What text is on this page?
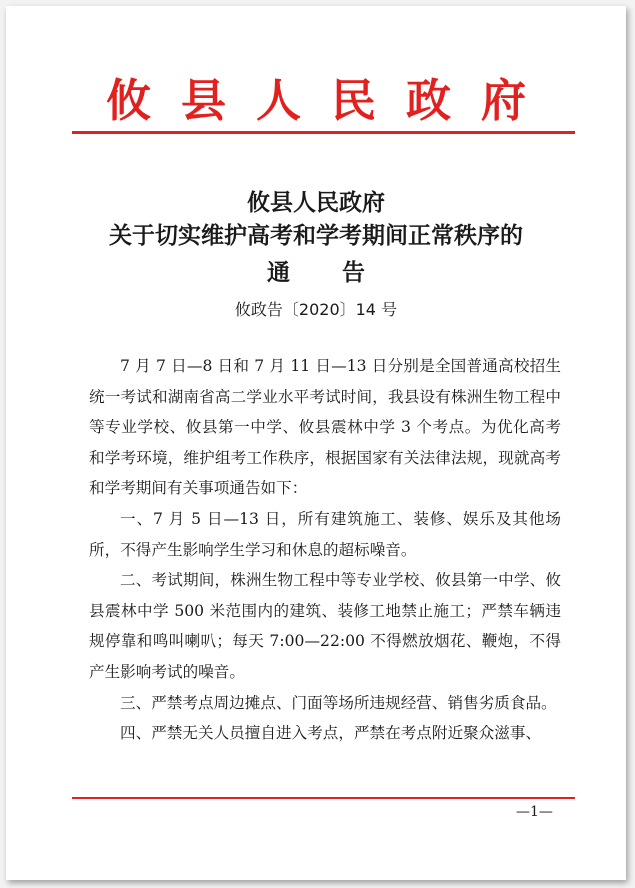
攸县人民政府
攸县人民政府
关于切实维护高考和学考期间正常秩序的
通 告
攸政告〔2020〕14 号

7 月 7 日—8 日和 7 月 11 日—13 日分别是全国普通高校招生统一考试和湖南省高二学业水平考试时间，我县设有株洲生物工程中等专业学校、攸县第一中学、攸县震林中学 3 个考点。为优化高考和学考环境，维护组考工作秩序，根据国家有关法律法规，现就高考和学考期间有关事项通告如下：

一、7 月 5 日—13 日，所有建筑施工、装修、娱乐及其他场所，不得产生影响学生学习和休息的超标噪音。

二、考试期间，株洲生物工程中等专业学校、攸县第一中学、攸县震林中学 500 米范围内的建筑、装修工地禁止施工；严禁车辆违规停靠和鸣叫喇叭；每天 7:00—22:00 不得燃放烟花、鞭炮，不得产生影响考试的噪音。

三、严禁考点周边摊点、门面等场所违规经营、销售劣质食品。

四、严禁无关人员擅自进入考点，严禁在考点附近聚众滋事、

—1—
